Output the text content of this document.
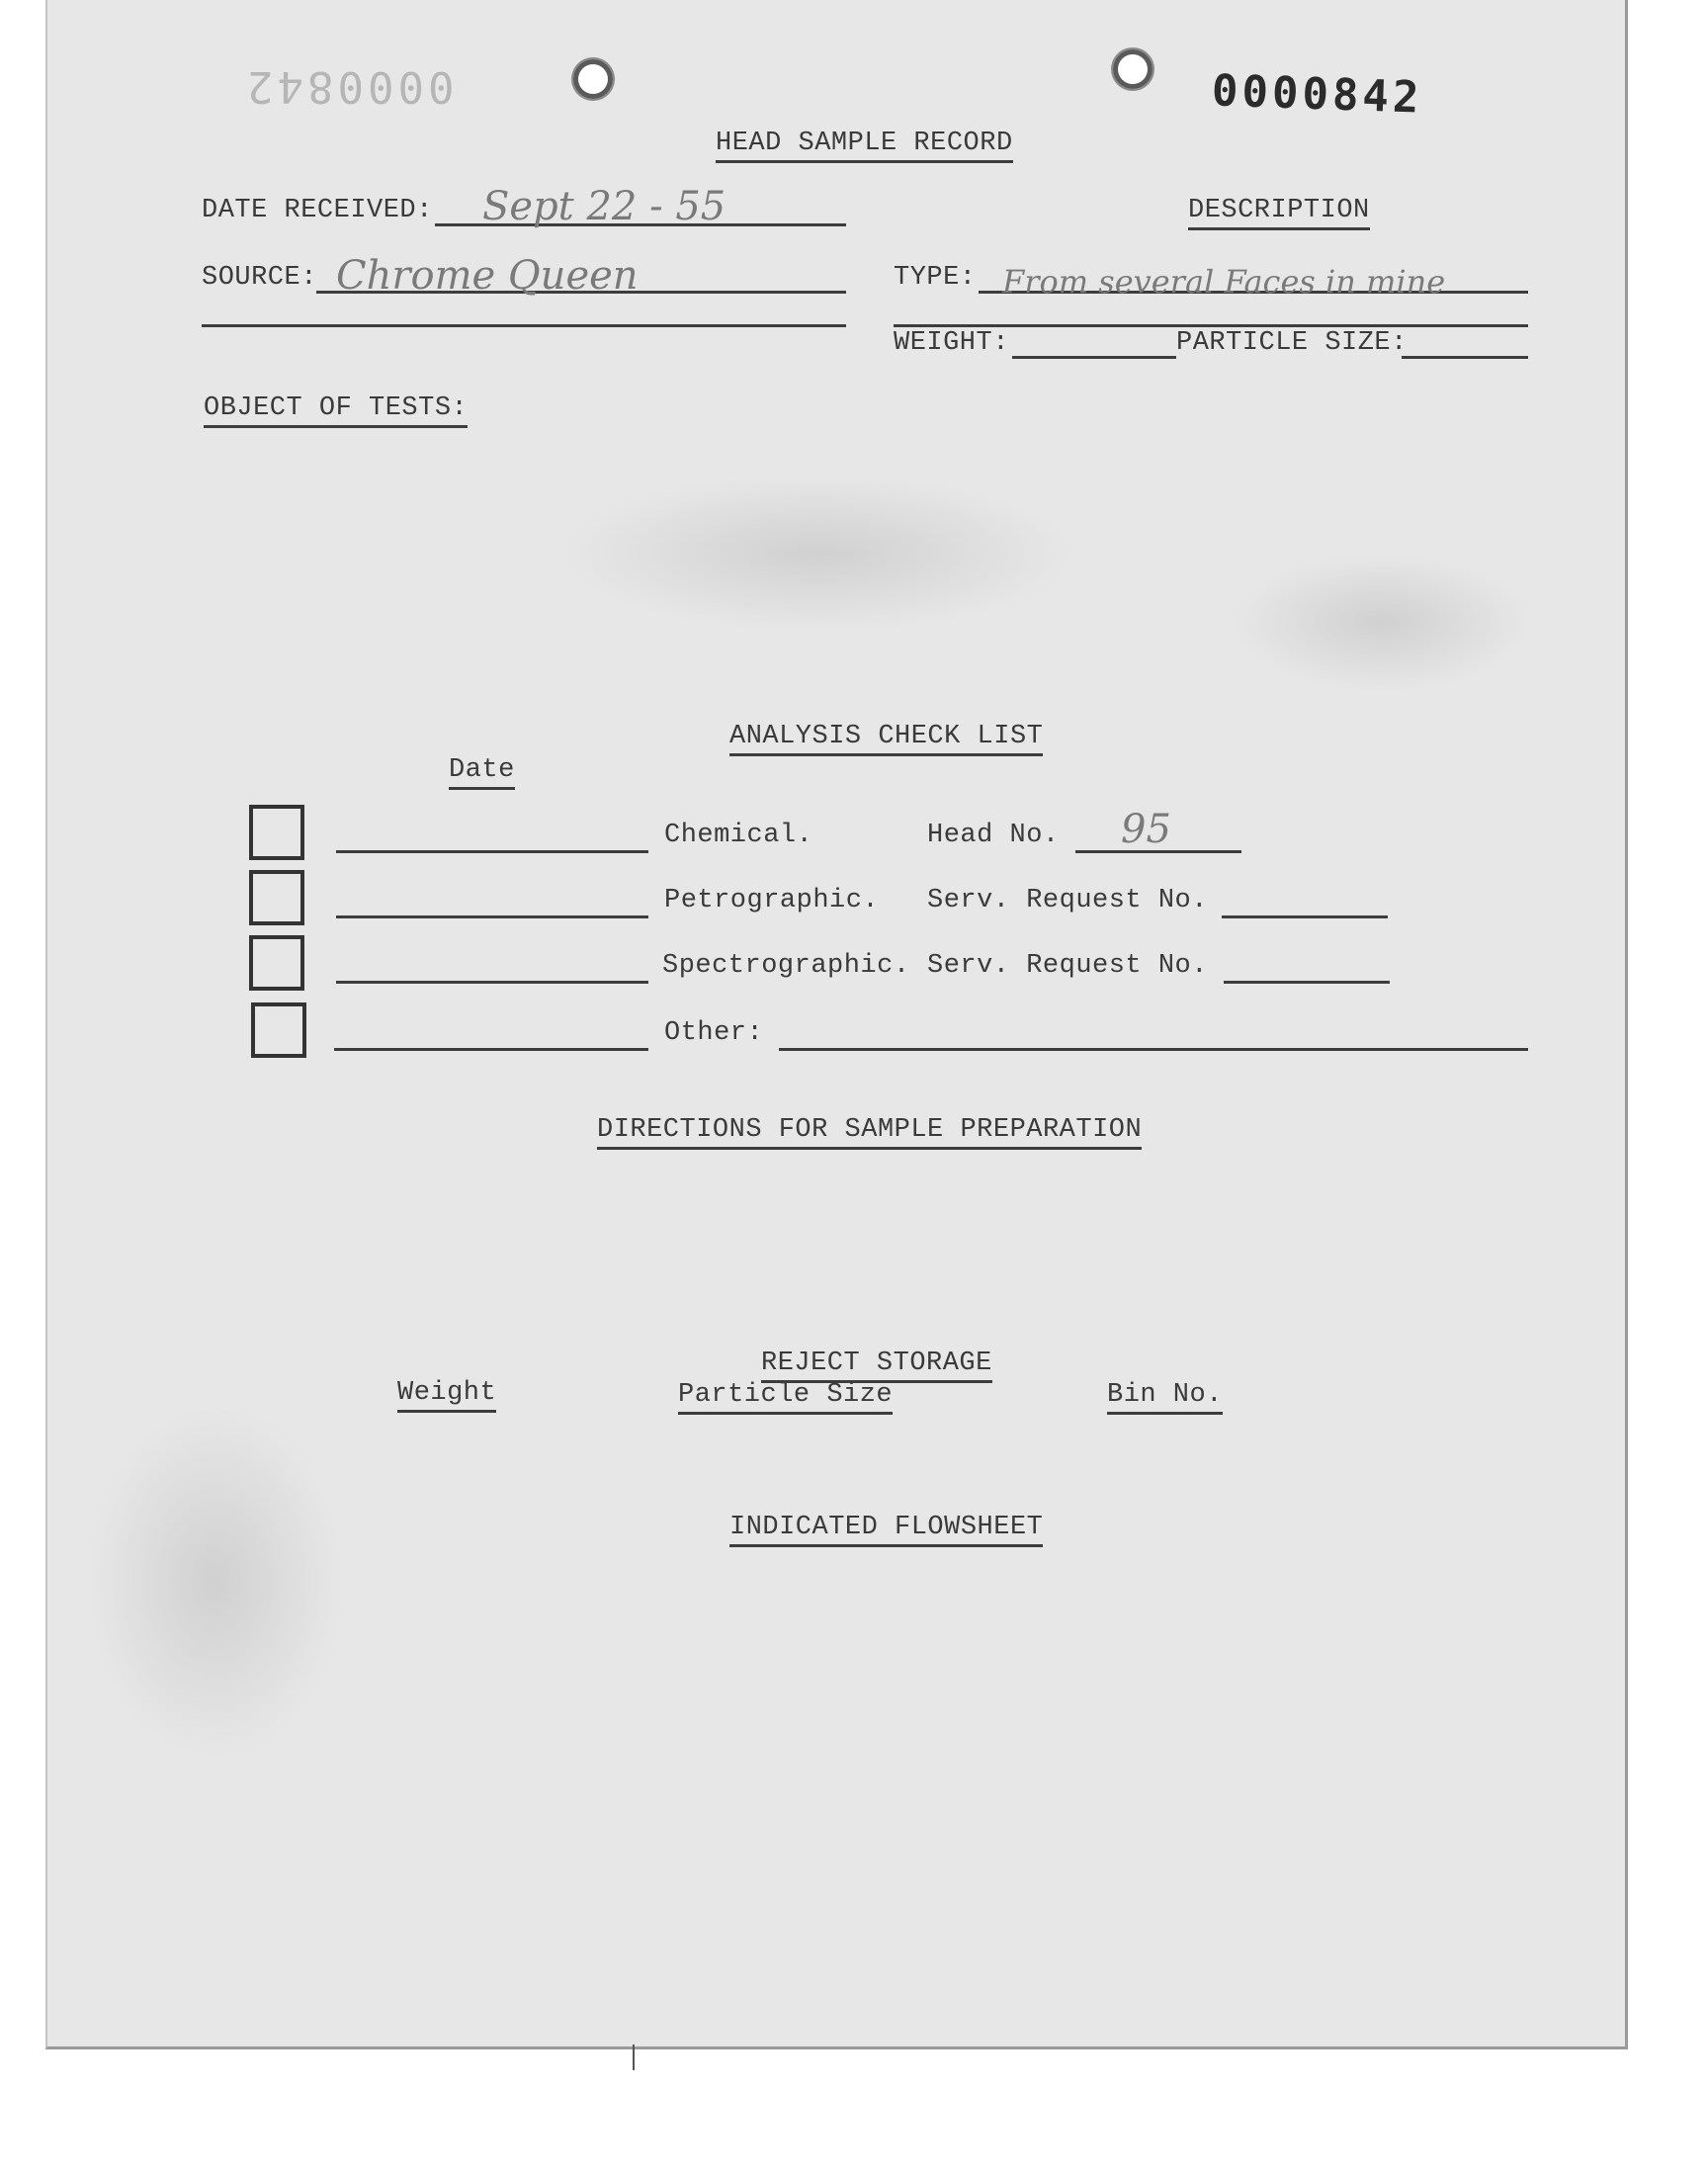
0000842	0000842
HEAD SAMPLE RECORD
DATE RECEIVED: Sept 22 - 55	DESCRIPTION
SOURCE: Chrome Queen	TYPE: From several Faces in mine
WEIGHT:	PARTICLE SIZE:
OBJECT OF TESTS:
ANALYSIS CHECK LIST
Date
Chemical.	Head No. 95
Petrographic. Serv. Request No.
Spectrographic. Serv. Request No.
Other:
DIRECTIONS FOR SAMPLE PREPARATION
REJECT STORAGE
Weight	Particle Size	Bin No.
INDICATED FLOWSHEET
